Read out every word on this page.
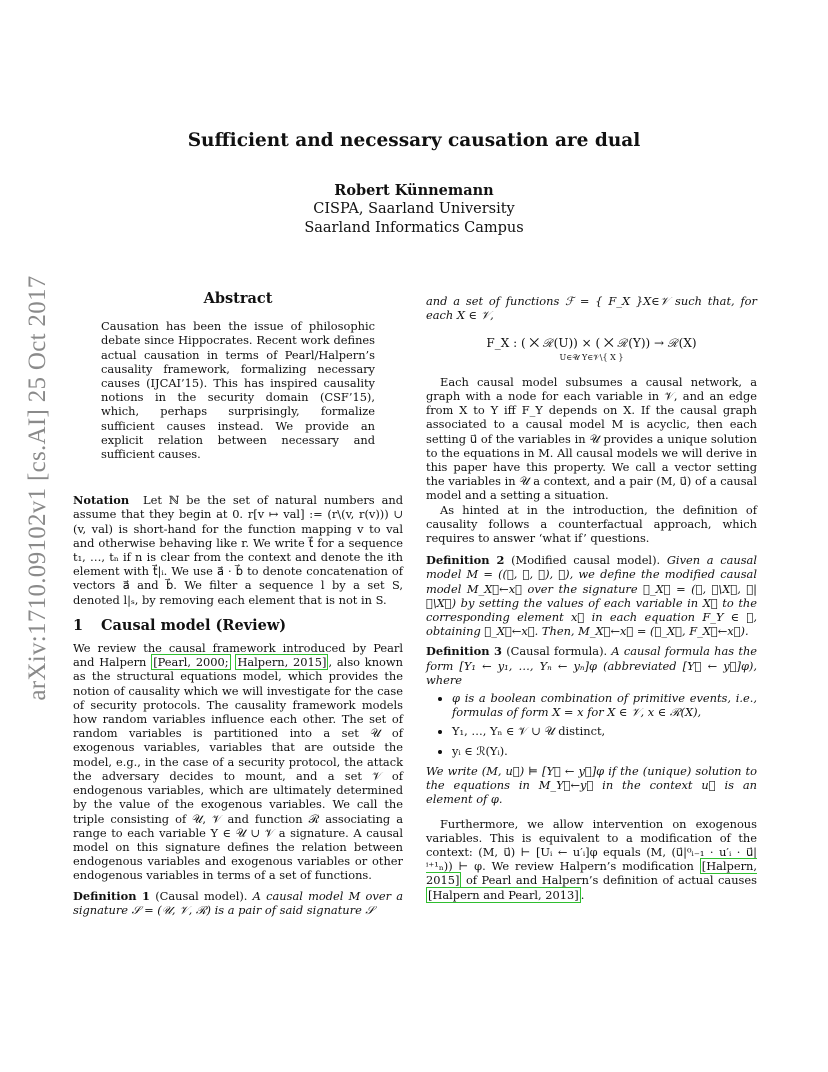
arXiv:1710.09102v1 [cs.AI] 25 Oct 2017
Sufficient and necessary causation are dual
Robert Künnemann
CISPA, Saarland University
Saarland Informatics Campus

Abstract

Causation has been the issue of philosophic debate since Hippocrates. Recent work defines actual causation in terms of Pearl/Halpern’s causality framework, formalizing necessary causes (IJCAI’15). This has inspired causality notions in the security domain (CSF’15), which, perhaps surprisingly, formalize sufficient causes instead. We provide an explicit relation between necessary and sufficient causes.

Notation Let ℕ be the set of natural numbers and assume that they begin at 0. r[v ↦ val] := (r\(v, r(v))) ∪ (v, val) is short-hand for the function mapping v to val and otherwise behaving like r. We write t⃗ for a sequence t₁, …, tₙ if n is clear from the context and denote the ith element with t⃗|ᵢ. We use a⃗ · b⃗ to denote concatenation of vectors a⃗ and b⃗. We filter a sequence l by a set S, denoted l|ₛ, by removing each element that is not in S.

1 Causal model (Review)

We review the causal framework introduced by Pearl and Halpern [Pearl, 2000; Halpern, 2015] , also known as the structural equations model, which provides the notion of causality which we will investigate for the case of security protocols. The causality framework models how random variables influence each other. The set of random variables is partitioned into a set 𝒰 of exogenous variables, variables that are outside the model, e.g., in the case of a security protocol, the attack the adversary decides to mount, and a set 𝒱 of endogenous variables, which are ultimately determined by the value of the exogenous variables. We call the triple consisting of 𝒰, 𝒱 and function ℛ associating a range to each variable Y ∈ 𝒰 ∪ 𝒱 a signature. A causal model on this signature defines the relation between endogenous variables and exogenous variables or other endogenous variables in terms of a set of functions.

Definition 1 (Causal model). A causal model M over a signature 𝒮 = (𝒰, 𝒱, ℛ) is a pair of said signature 𝒮

and a set of functions ℱ = { F_X }X∈𝒱 such that, for each X ∈ 𝒱,

F_X : ( ⨉ ℛ(U)) × ( ⨉ ℛ(Y)) → ℛ(X)
U∈𝒰 Y∈𝒱\{ X }

Each causal model subsumes a causal network, a graph with a node for each variable in 𝒱, and an edge from X to Y iff F_Y depends on X. If the causal graph associated to a causal model M is acyclic, then each setting u⃗ of the variables in 𝒰 provides a unique solution to the equations in M. All causal models we will derive in this paper have this property. We call a vector setting the variables in 𝒰 a context, and a pair (M, u⃗) of a causal model and a setting a situation.

As hinted at in the introduction, the definition of causality follows a counterfactual approach, which requires to answer ‘what if’ questions.

Definition 2 (Modified causal model). Given a causal model M = ((𝒰, 𝒱, ℛ), ℱ), we define the modified causal model M_X⃗←x⃗ over the signature 𝒮_X⃗ = (𝒰, 𝒱\X⃗, ℛ|𝒱\X⃗) by setting the values of each variable in X⃗ to the corresponding element x⃗ in each equation F_Y ∈ ℱ, obtaining ℱ_X⃗←x⃗. Then, M_X⃗←x⃗ = (𝒮_X⃗, F_X⃗←x⃗).

Definition 3 (Causal formula). A causal formula has the form [Y₁ ← y₁, …, Yₙ ← yₙ]φ (abbreviated [Y⃗ ← y⃗]φ), where

• φ is a boolean combination of primitive events, i.e., formulas of form X = x for X ∈ 𝒱, x ∈ ℛ(X),
• Y₁, …, Yₙ ∈ 𝒱 ∪ 𝒰 distinct,
• yᵢ ∈ ℛ(Yᵢ).

We write (M, u⃗) ⊨ [Y⃗ ← y⃗]φ if the (unique) solution to the equations in M_Y⃗←y⃗ in the context u⃗ is an element of φ.

Furthermore, we allow intervention on exogenous variables. This is equivalent to a modification of the context: (M, u⃗) ⊢ [Uᵢ ← u′ᵢ]φ equals (M, (u⃗|⁰ᵢ₋₁ · u′ᵢ · u⃗|ⁱ⁺¹ₙ)) ⊢ φ. We review Halpern’s modification [Halpern, 2015] of Pearl and Halpern’s definition of actual causes [Halpern and Pearl, 2013] .
